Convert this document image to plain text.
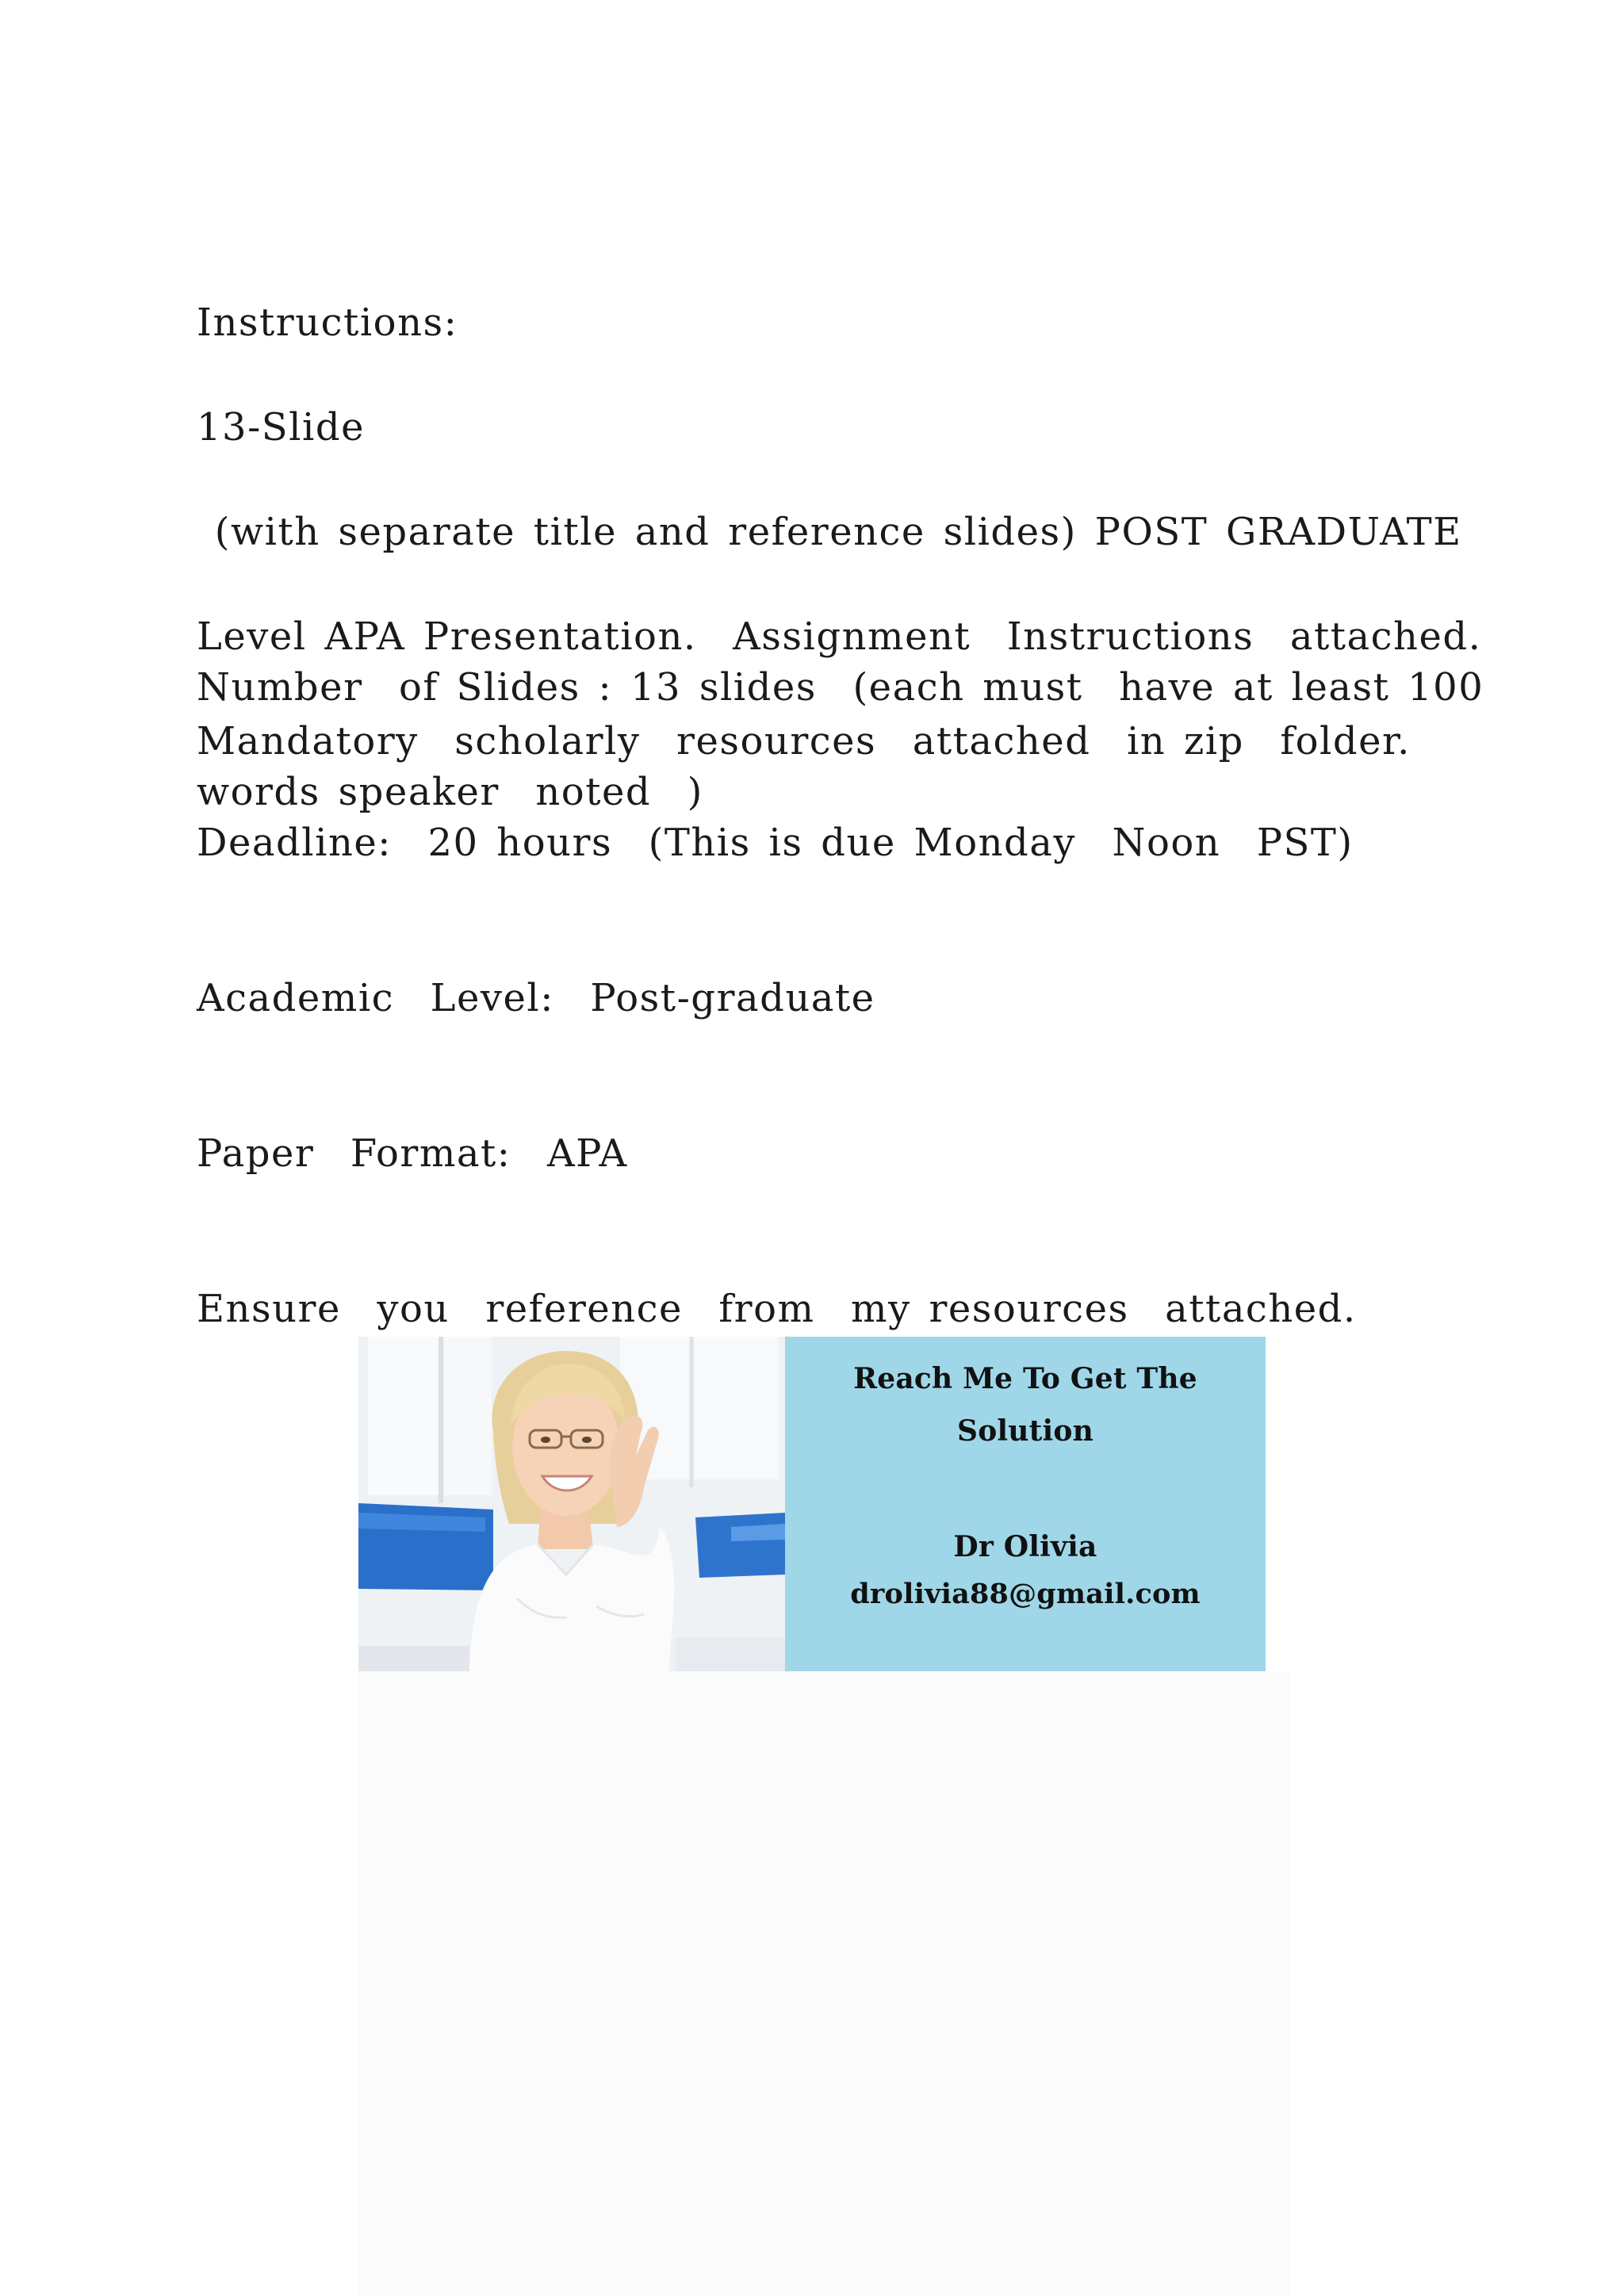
Instructions:

13-Slide

(with separate title and reference slides) POST GRADUATE

Level APA Presentation.  Assignment  Instructions  attached.

Mandatory  scholarly  resources  attached  in zip  folder.

Number  of Slides : 13 slides  (each must  have at least 100

words speaker  noted  )

Deadline:  20 hours  (This is due Monday  Noon  PST)
Academic  Level:  Post-graduate
Paper  Format:  APA
Ensure  you  reference  from  my resources  attached.
Reach Me To Get The
Solution
Dr Olivia
drolivia88@gmail.com
